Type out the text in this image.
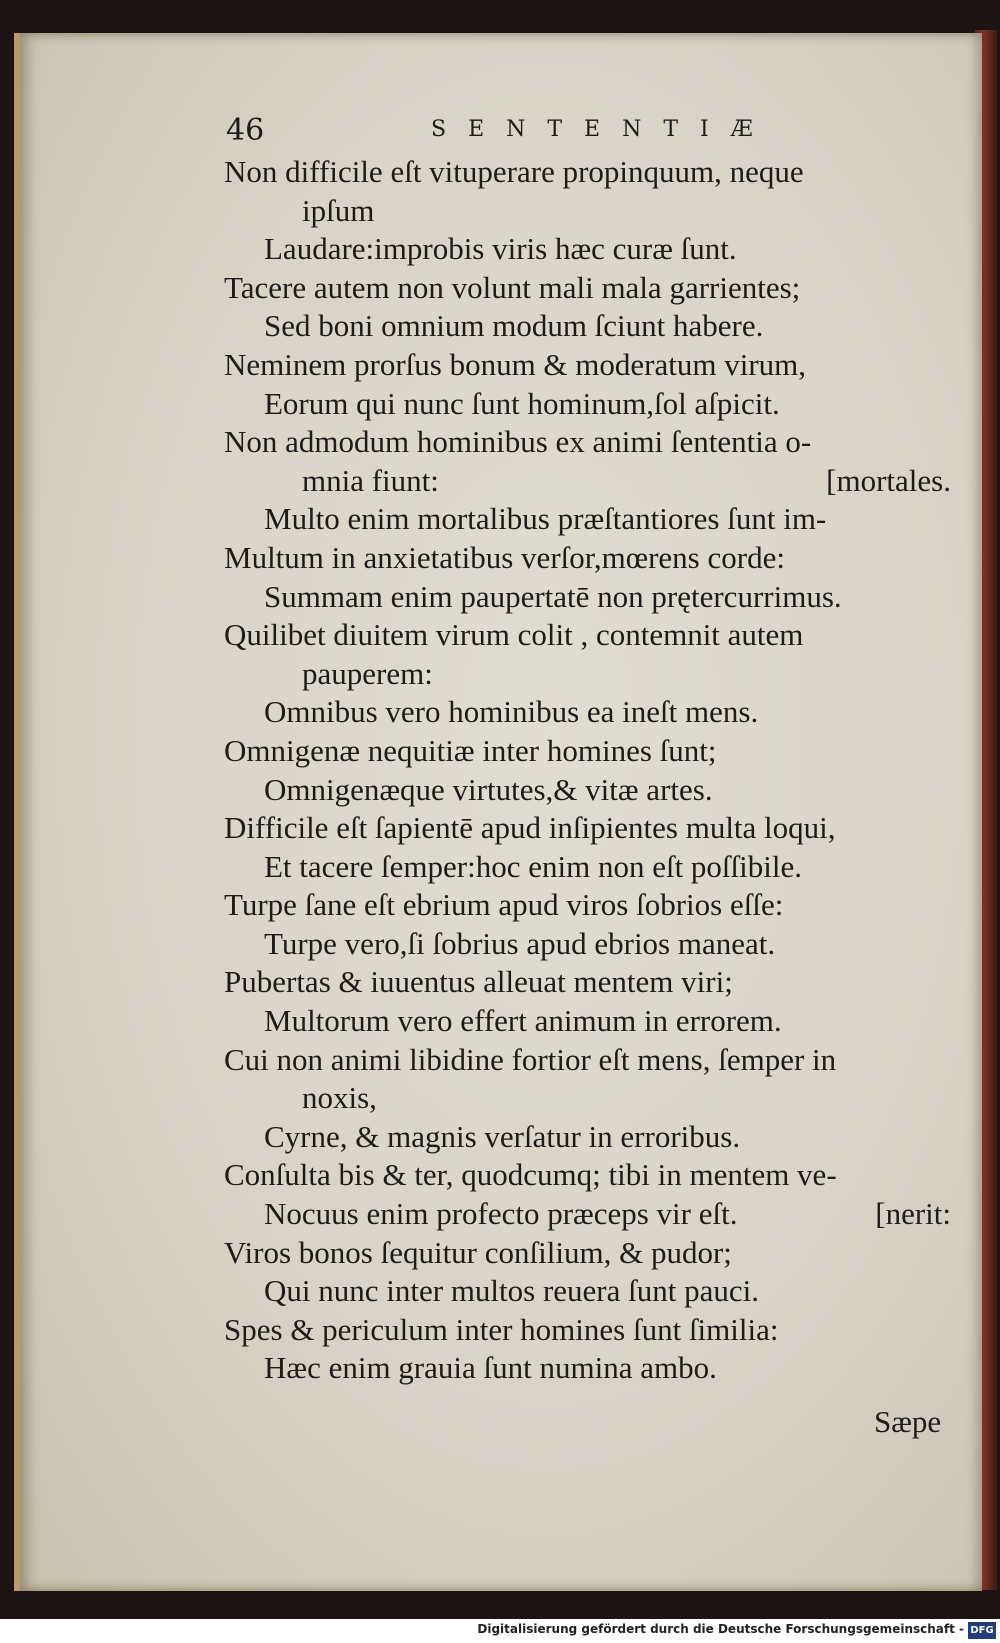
46	SENTENTIÆ
Non difficile eſt vituperare propinquum, neque
ipſum
Laudare:improbis viris hæc curæ ſunt.
Tacere autem non volunt mali mala garrientes;
Sed boni omnium modum ſciunt habere.
Neminem prorſus bonum & moderatum virum,
Eorum qui nunc ſunt hominum,ſol aſpicit.
Non admodum hominibus ex animi ſententia o-
mnia fiunt:	[mortales.
Multo enim mortalibus præſtantiores ſunt im-
Multum in anxietatibus verſor,mœrens corde:
Summam enim paupertatē non prętercurrimus.
Quilibet diuitem virum colit , contemnit autem
pauperem:
Omnibus vero hominibus ea ineſt mens.
Omnigenæ nequitiæ inter homines ſunt;
Omnigenæque virtutes,& vitæ artes.
Difficile eſt ſapientē apud inſipientes multa loqui,
Et tacere ſemper:hoc enim non eſt poſſibile.
Turpe ſane eſt ebrium apud viros ſobrios eſſe:
Turpe vero,ſi ſobrius apud ebrios maneat.
Pubertas & iuuentus alleuat mentem viri;
Multorum vero effert animum in errorem.
Cui non animi libidine fortior eſt mens, ſemper in
noxis,
Cyrne, & magnis verſatur in erroribus.
Conſulta bis & ter, quodcumq; tibi in mentem ve-
Nocuus enim profecto præceps vir eſt.	[nerit:
Viros bonos ſequitur conſilium, & pudor;
Qui nunc inter multos reuera ſunt pauci.
Spes & periculum inter homines ſunt ſimilia:
Hæc enim grauia ſunt numina ambo.
Sæpe
Digitalisierung gefördert durch die Deutsche Forschungsgemeinschaft - DFG
